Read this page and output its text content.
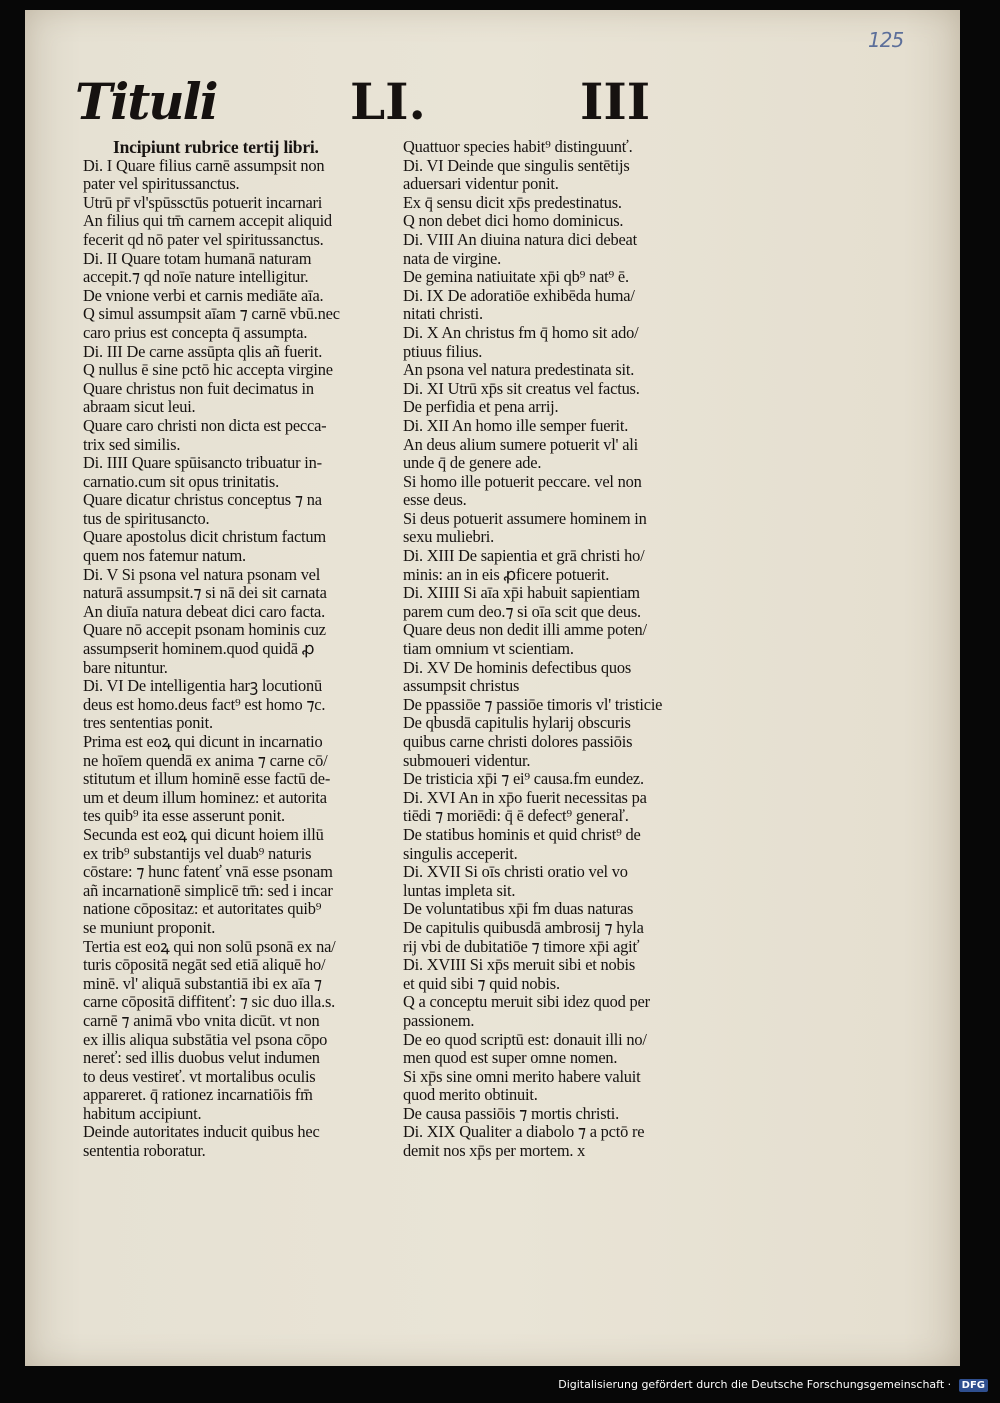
125
Tituli	LI.	III
Incipiunt rubrice tertij libri.
Di. I Quare filius carnē assumpsit non
pater vel spiritussanctus.
Utrū pr̄ vl'spūssctūs potuerit incarnari
An filius qui tm̄ carnem accepit aliquid
fecerit qd nō pater vel spiritussanctus.
Di. II Quare totam humanā naturam
accepit.⁊ qd noīe nature intelligitur.
De vnione verbi et carnis mediāte aīa.
Q simul assumpsit aīam ⁊ carnē vbū.nec
caro prius est concepta q̄ assumpta.
Di. III De carne assūpta qlis añ fuerit.
Q nullus ē sine pctō hic accepta virgine
Quare christus non fuit decimatus in
abraam sicut leui.
Quare caro christi non dicta est pecca-
trix sed similis.
Di. IIII Quare spūisancto tribuatur in-
carnatio.cum sit opus trinitatis.
Quare dicatur christus conceptus ⁊ na
tus de spiritusancto.
Quare apostolus dicit christum factum
quem nos fatemur natum.
Di. V Si psona vel natura psonam vel
naturā assumpsit.⁊ si nā dei sit carnata
An diuīa natura debeat dici caro facta.
Quare nō accepit psonam hominis cuz
assumpserit hominem.quod quidā ꝓ
bare nituntur.
Di. VI De intelligentia harꝫ locutionū
deus est homo.deus fact⁹ est homo ⁊c.
tres sententias ponit.
Prima est eoꝝ qui dicunt in incarnatio
ne hoīem quendā ex anima ⁊ carne cō/
stitutum et illum hominē esse factū de-
um et deum illum hominez: et autorita
tes quib⁹ ita esse asserunt ponit.
Secunda est eoꝝ qui dicunt hoiem illū
ex trib⁹ substantijs vel duab⁹ naturis
cōstare: ⁊ hunc fatenť vnā esse psonam
añ incarnationē simplicē tm̄: sed i incar
natione cōpositaz: et autoritates quib⁹
se muniunt proponit.
Tertia est eoꝝ qui non solū psonā ex na/
turis cōpositā negāt sed etiā aliquē ho/
minē. vl' aliquā substantiā ibi ex aīa ⁊
carne cōpositā diffitenť: ⁊ sic duo illa.s.
carnē ⁊ animā vbo vnita dicūt. vt non
ex illis aliqua substātia vel psona cōpo
nereť: sed illis duobus velut indumen
to deus vestireť. vt mortalibus oculis
appareret. q̄ rationez incarnatiōis fm̄
habitum accipiunt.
Deinde autoritates inducit quibus hec
sententia roboratur.
Quattuor species habit⁹ distinguunť.
Di. VI Deinde que singulis sentētijs
aduersari videntur ponit.
Ex q̄ sensu dicit xp̄s predestinatus.
Q non debet dici homo dominicus.
Di. VIII An diuina natura dici debeat
nata de virgine.
De gemina natiuitate xp̄i qb⁹ nat⁹ ē.
Di. IX De adoratiōe exhibēda huma/
nitati christi.
Di. X An christus fm q̄ homo sit ado/
ptiuus filius.
An psona vel natura predestinata sit.
Di. XI Utrū xp̄s sit creatus vel factus.
De perfidia et pena arrij.
Di. XII An homo ille semper fuerit.
An deus alium sumere potuerit vl' ali
unde q̄ de genere ade.
Si homo ille potuerit peccare. vel non
esse deus.
Si deus potuerit assumere hominem in
sexu muliebri.
Di. XIII De sapientia et grā christi ho/
minis: an in eis ꝓficere potuerit.
Di. XIIII Si aīa xp̄i habuit sapientiam
parem cum deo.⁊ si oīa scit que deus.
Quare deus non dedit illi amme poten/
tiam omnium vt scientiam.
Di. XV De hominis defectibus quos
assumpsit christus
De ppassiōe ⁊ passiōe timoris vl' tristicie
De qbusdā capitulis hylarij obscuris
quibus carne christi dolores passiōis
submoueri videntur.
De tristicia xp̄i ⁊ ei⁹ causa.fm eundez.
Di. XVI An in xp̄o fuerit necessitas pa
tiēdi ⁊ moriēdi: q̄ ē defect⁹ generaľ.
De statibus hominis et quid christ⁹ de
singulis acceperit.
Di. XVII Si oīs christi oratio vel vo
luntas impleta sit.
De voluntatibus xp̄i fm duas naturas
De capitulis quibusdā ambrosij ⁊ hyla
rij vbi de dubitatiōe ⁊ timore xp̄i agiť
Di. XVIII Si xp̄s meruit sibi et nobis
et quid sibi ⁊ quid nobis.
Q a conceptu meruit sibi idez quod per
passionem.
De eo quod scriptū est: donauit illi no/
men quod est super omne nomen.
Si xp̄s sine omni merito habere valuit
quod merito obtinuit.
De causa passiōis ⁊ mortis christi.
Di. XIX Qualiter a diabolo ⁊ a pctō re
demit nos xp̄s per mortem. x
Digitalisierung gefördert durch die Deutsche Forschungsgemeinschaft · DFG
